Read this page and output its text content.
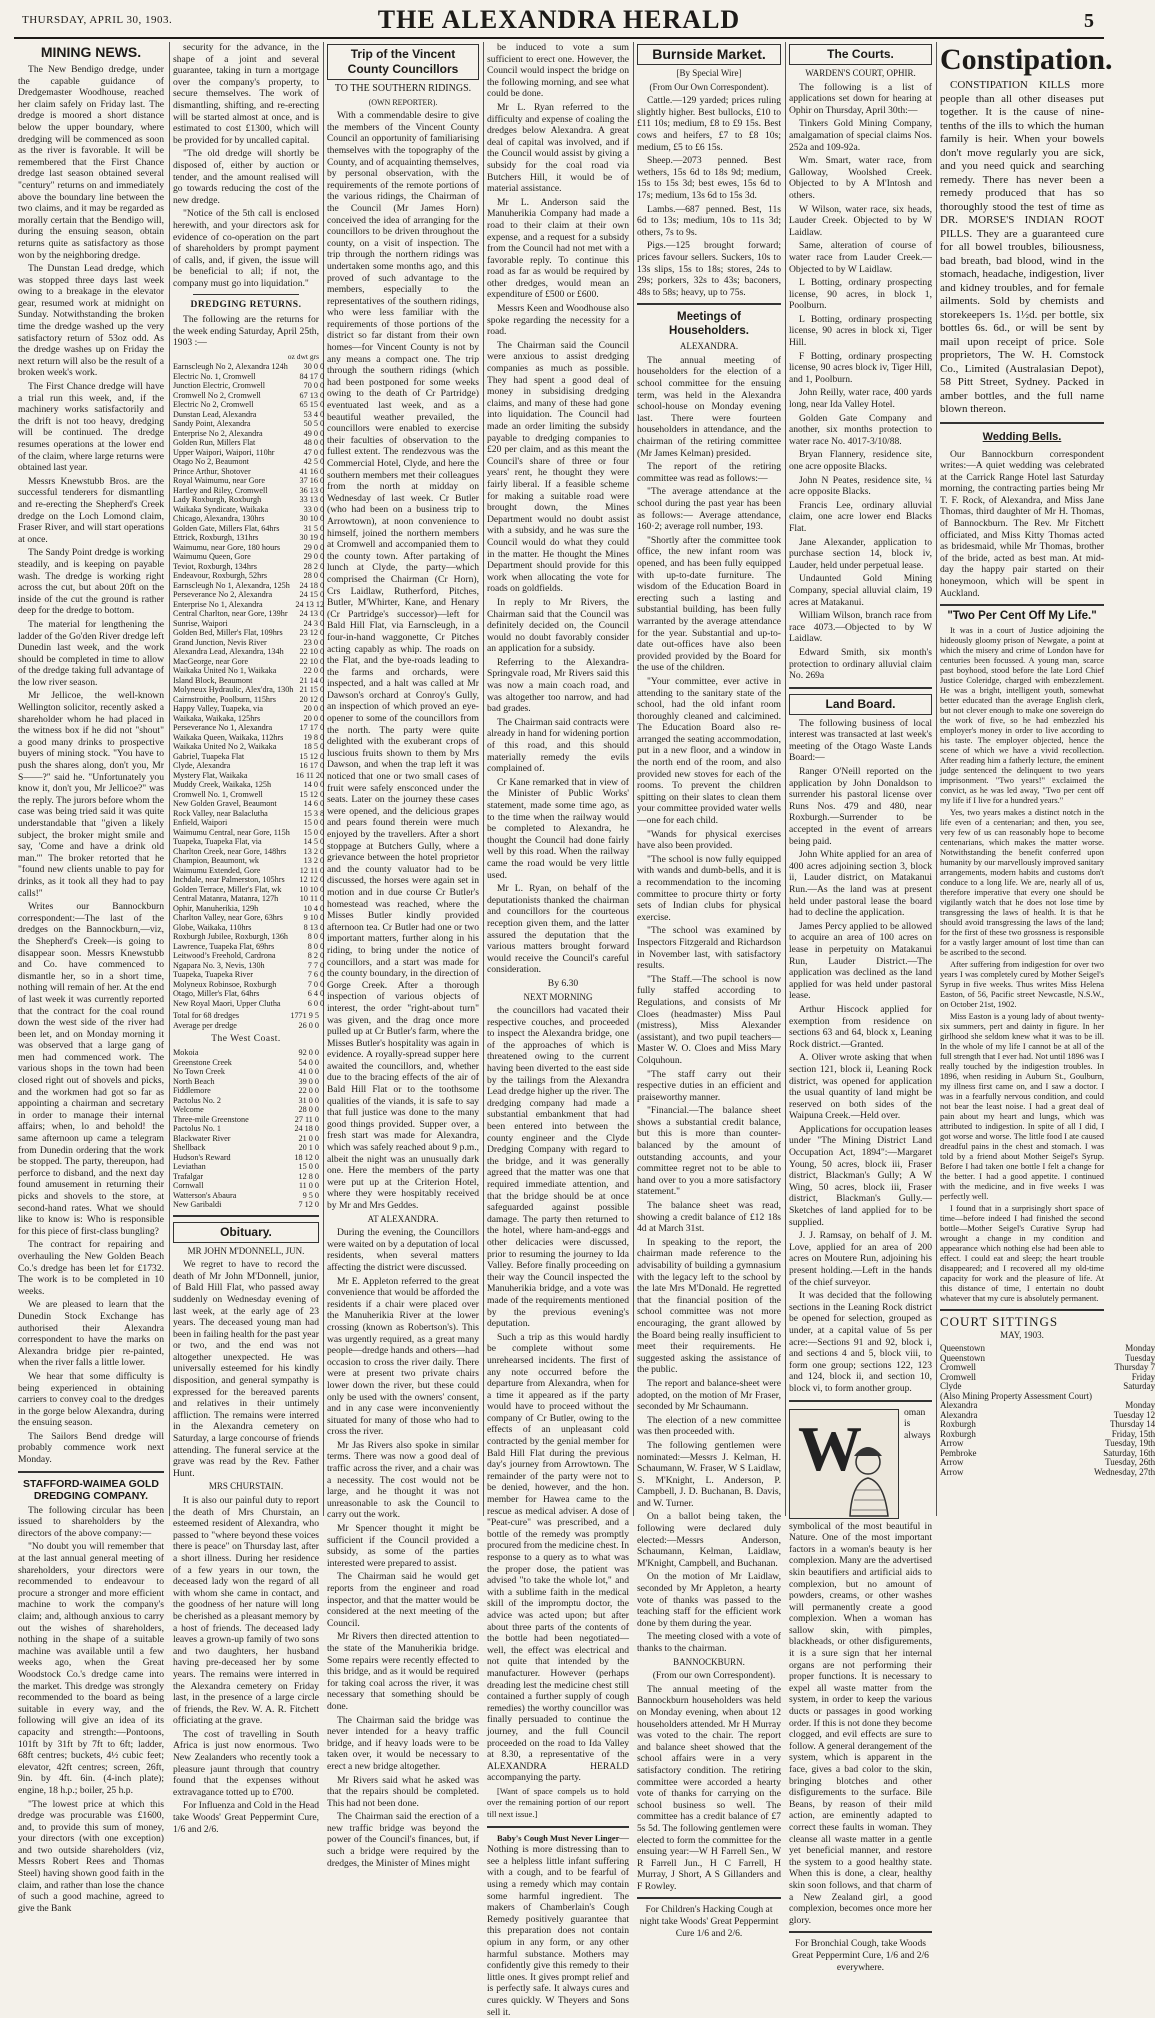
THURSDAY, APRIL 30, 1903.	THE ALEXANDRA HERALD	5
MINING NEWS.

The New Bendigo dredge, under the capable guidance of Dredgemaster Woodhouse, reached her claim safely on Friday last. The dredge is moored a short distance below the upper boundary, where dredging will be commenced as soon as the river is favorable. It will be remembered that the First Chance dredge last season obtained several "century" returns on and immediately above the boundary line between the two claims, and it may be regarded as morally certain that the Bendigo will, during the ensuing season, obtain returns quite as satisfactory as those won by the neighboring dredge.

The Dunstan Lead dredge, which was stopped three days last week owing to a breakage in the elevator gear, resumed work at midnight on Sunday. Notwithstanding the broken time the dredge washed up the very satisfactory return of 53oz odd. As the dredge washes up on Friday the next return will also be the result of a broken week's work.

The First Chance dredge will have a trial run this week, and, if the machinery works satisfactorily and the drift is not too heavy, dredging will be continued. The dredge resumes operations at the lower end of the claim, where large returns were obtained last year.

Messrs Knewstubb Bros. are the successful tenderers for dismantling and re-erecting the Shepherd's Creek dredge on the Loch Lomond claim, Fraser River, and will start operations at once.

The Sandy Point dredge is working steadily, and is keeping on payable wash. The dredge is working right across the cut, but about 20ft on the inside of the cut the ground is rather deep for the dredge to bottom.

The material for lengthening the ladder of the Go'den River dredge left Dunedin last week, and the work should be completed in time to allow of the dredge taking full advantage of the low river season.

Mr Jellicoe, the well-known Wellington solicitor, recently asked a shareholder whom he had placed in the witness box if he did not "shout" a good many drinks to prospective buyers of mining stock. "You have to push the shares along, don't you, Mr S——?" said he. "Unfortunately you know it, don't you, Mr Jellicoe?" was the reply. The jurors before whom the case was being tried said it was quite understandable that "given a likely subject, the broker might smile and say, 'Come and have a drink old man.'" The broker retorted that he "found new clients unable to pay for drinks, as it took all they had to pay calls!"

Writes our Bannockburn correspondent:—The last of the dredges on the Bannockburn,—viz, the Shepherd's Creek—is going to disappear soon. Messrs Knewstubb and Co. have commenced to dismantle her, so in a short time, nothing will remain of her. At the end of last week it was currently reported that the contract for the coal round down the west side of the river had been let, and on Monday morning it was observed that a large gang of men had commenced work. The various shops in the town had been closed right out of shovels and picks, and the workmen had got so far as appointing a chairman and secretary in order to manage their internal affairs; when, lo and behold! the same afternoon up came a telegram from Dunedin ordering that the work be stopped. The party, thereupon, had perforce to disband, and the next day found amusement in returning their picks and shovels to the store, at second-hand rates. What we should like to know is: Who is responsible for this piece of first-class bungling?

The contract for repairing and overhauling the New Golden Beach Co.'s dredge has been let for £1732. The work is to be completed in 10 weeks.

We are pleased to learn that the Dunedin Stock Exchange has authorised their Alexandra correspondent to have the marks on Alexandra bridge pier re-painted, when the river falls a little lower.

We hear that some difficulty is being experienced in obtaining carriers to convey coal to the dredges in the gorge below Alexandra, during the ensuing season.

The Sailors Bend dredge will probably commence work next Monday.

STAFFORD-WAIMEA GOLD DREDGING COMPANY.

The following circular has been issued to shareholders by the directors of the above company:—

"No doubt you will remember that at the last annual general meeting of shareholders, your directors were recommended to endeavour to procure a stronger and more efficient machine to work the company's claim; and, although anxious to carry out the wishes of shareholders, nothing in the shape of a suitable machine was available until a few weeks ago, when the Great Woodstock Co.'s dredge came into the market. This dredge was strongly recommended to the board as being suitable in every way, and the following will give an idea of its capacity and strength:—Pontoons, 101ft by 31ft by 7ft to 6ft; ladder, 68ft centres; buckets, 4½ cubic feet; elevator, 42ft centres; screen, 26ft, 9in. by 4ft. 6in. (4-inch plate); engine, 18 h.p.; boiler, 25 h.p.

"The lowest price at which this dredge was procurable was £1600, and, to provide this sum of money, your directors (with one exception) and two outside shareholders (viz, Messrs Robert Rees and Thomas Steel) having shown good faith in the claim, and rather than lose the chance of such a good machine, agreed to give the Bank

security for the advance, in the shape of a joint and several guarantee, taking in turn a mortgage over the company's property, to secure themselves. The work of dismantling, shifting, and re-erecting will be started almost at once, and is estimated to cost £1300, which will be provided for by uncalled capital.

"The old dredge will shortly be disposed of, either by auction or tender, and the amount realised will go towards reducing the cost of the new dredge.

"Notice of the 5th call is enclosed herewith, and your directors ask for evidence of co-operation on the part of shareholders by prompt payment of calls, and, if given, the issue will be beneficial to all; if not, the company must go into liquidation."

DREDGING RETURNS.

The following are the returns for the week ending Saturday, April 25th, 1903 :—

oz dwt grs
Earnscleugh No 2, Alexandra 124h	30 0 0
Electric No. 1, Cromwell	84 17 0
Junction Electric, Cromwell	70 0 0
Cromwell No 2, Cromwell	67 13 0
Electric No 2, Cromwell	65 15 0
Dunstan Lead, Alexandra	53 4 0
Sandy Point, Alexandra	50 5 0
Enterprise No 2, Alexandra	49 0 0
Golden Run, Millers Flat	48 0 0
Upper Waipori, Waipori, 110hr	47 0 0
Otago No 2, Beaumont	42 5 0
Prince Arthur, Shotover	41 16 0
Royal Waimumu, near Gore	37 16 0
Hartley and Riley, Cromwell	36 13 0
Lady Roxburgh, Roxburgh	33 13 0
Waikaka Syndicate, Waikaka	33 0 0
Chicago, Alexandra, 130hrs	30 10 0
Golden Gate, Millers Flat, 64hrs	31 5 0
Ettrick, Roxburgh, 131hrs	30 19 0
Waimumu, near Gore, 180 hours	29 0 0
Waimumu Queen, Gore	29 0 0
Teviot, Roxburgh, 134hrs	28 2 0
Endeavour, Roxburgh, 52hrs	28 0 0
Earnscleugh No 1, Alexandra, 125h	24 18 0
Perseverance No 2, Alexandra	24 15 0
Enterprise No 1, Alexandra	24 13 12
Central Charlton, near Gore, 139hr	24 13 0
Sunrise, Waipori	24 3 0
Golden Bed, Miller's Flat, 109hrs	23 12 0
Grand Junction, Nevis River	23 0 0
Alexandra Lead, Alexandra, 134h	22 10 0
MacGeorge, near Gore	22 10 0
Waikaka United No 1, Waikaka	22 0 0
Island Block, Beaumont	21 14 0
Molyneux Hydraulic, Alex'dra, 130h	21 15 0
Cairnstroithe, Poolburn, 115hrs	20 12 0
Happy Valley, Tuapeka, via	20 0 0
Waikaka, Waikaka, 125hrs	20 0 0
Perseverance No 1, Alexandra	17 17 0
Waikaka Queen, Waikaka, 112hrs	19 8 0
Waikaka United No 2, Waikaka	18 5 0
Gabriel, Tuapeka Flat	15 12 0
Clyde, Alexandra	16 17 0
Mystery Flat, Waikaka	16 11 20
Muddy Creek, Waikaka, 125h	14 0 0
Cromwell No. 1, Cromwell	15 12 0
New Golden Gravel, Beaumont	14 6 0
Rock Valley, near Balaclutha	15 3 8
Enfield, Waipori	15 0 0
Waimumu Central, near Gore, 115h	15 0 0
Tuapeka, Tuapeka Flat, via	14 5 0
Charlton Creek, near Gore, 148hrs	13 2 0
Champion, Beaumont, wk	13 2 0
Waimumu Extended, Gore	12 11 0
Inchdale, near Palmerston, 105hrs	12 12 0
Golden Terrace, Miller's Flat, wk	10 10 0
Central Matanra, Matanra, 127h	10 11 0
Ophir, Manuherikia, 129h	10 4 0
Charlton Valley, near Gore, 63hrs	9 10 0
Globe, Waikaka, 110hrs	8 13 0
Roxburgh Jubilee, Roxburgh, 136h	8 0 0
Lawrence, Tuapeka Flat, 69hrs	8 0 0
Leitwood’s Freehold, Cardrona	8 2 0
Ngapara No. 3, Nevis, 130h	7 7 0
Tuapeka, Tuapeka River	7 6 0
Molyneux Robinsoe, Roxburgh	7 0 0
Otago, Miller's Flat, 64hrs	6 4 0
New Royal Maori, Upper Clutha	6 0 0
Total for 68 dredges	1771 9 5
Average per dredge	26 0 0
The West Coast.
Mokoia	92 0 0
Greenstone Creek	54 0 0
No Town Creek	41 0 0
North Beach	39 0 0
Fiddlemore	22 0 0
Pactolus No. 2	31 0 0
Welcome	28 0 0
Three-mile Greenstone	27 11 0
Pactolus No. 1	24 18 0
Blackwater River	21 0 0
Shellback	20 1 0
Hudson's Reward	18 12 0
Leviathan	15 0 0
Trafalgar	12 8 0
Cornwall	11 0 0
Watterson's Abaura	9 5 0
New Garibaldi	7 12 0
Obituary.
MR JOHN M'DONNELL, JUN.

We regret to have to record the death of Mr John M'Donnell, junior, of Bald Hill Flat, who passed away suddenly on Wednesday evening of last week, at the early age of 23 years. The deceased young man had been in failing health for the past year or two, and the end was not altogether unexpected. He was universally esteemed for his kindly disposition, and general sympathy is expressed for the bereaved parents and relatives in their untimely affliction. The remains were interred in the Alexandra cemetery on Saturday, a large concourse of friends attending. The funeral service at the grave was read by the Rev. Father Hunt.

MRS CHURSTAIN.

It is also our painful duty to report the death of Mrs Churstain, an esteemed resident of Alexandra, who passed to "where beyond these voices there is peace" on Thursday last, after a short illness. During her residence of a few years in our town, the deceased lady won the regard of all with whom she came in contact, and the goodness of her nature will long be cherished as a pleasant memory by a host of friends. The deceased lady leaves a grown-up family of two sons and two daughters, her husband having pre-deceased her by some years. The remains were interred in the Alexandra cemetery on Friday last, in the presence of a large circle of friends, the Rev. W. A. R. Fitchett officiating at the grave.

The cost of travelling in South Africa is just now enormous. Two New Zealanders who recently took a pleasure jaunt through that country found that the expenses without extravagance totted up to £700.

For Influenza and Cold in the Head take Woods' Great Peppermint Cure, 1/6 and 2/6.

Trip of the Vincent County Councillors
TO THE SOUTHERN RIDINGS.
(OWN REPORTER).

With a commendable desire to give the members of the Vincent County Council an opportunity of familiarising themselves with the topography of the County, and of acquainting themselves, by personal observation, with the requirements of the remote portions of the various ridings, the Chairman of the Council (Mr James Horn) conceived the idea of arranging for the councillors to be driven throughout the county, on a visit of inspection. The trip through the northern ridings was undertaken some months ago, and this proved of such advantage to the members, especially to the representatives of the southern ridings, who were less familiar with the requirements of those portions of the district so far distant from their own homes—for Vincent County is not by any means a compact one. The trip through the southern ridings (which had been postponed for some weeks owing to the death of Cr Partridge) eventuated last week, and as a beautiful weather prevailed, the councillors were enabled to exercise their faculties of observation to the fullest extent. The rendezvous was the Commercial Hotel, Clyde, and here the southern members met their colleagues from the north at midday on Wednesday of last week. Cr Butler (who had been on a business trip to Arrowtown), at noon convenience to himself, joined the northern members at Cromwell and accompanied them to the county town. After partaking of lunch at Clyde, the party—which comprised the Chairman (Cr Horn), Crs Laidlaw, Rutherford, Pitches, Butler, M'Whirter, Kane, and Henary (Cr Partridge's successor)—left for Bald Hill Flat, via Earnscleugh, in a four-in-hand waggonette, Cr Pitches acting capably as whip. The roads on the Flat, and the bye-roads leading to the farms and orchards, were inspected, and a halt was called at Mr Dawson's orchard at Conroy's Gully, an inspection of which proved an eye-opener to some of the councillors from the north. The party were quite delighted with the exuberant crops of luscious fruits shown to them by Mrs Dawson, and when the trap left it was noticed that one or two small cases of fruit were safely ensconced under the seats. Later on the journey these cases were opened, and the delicious grapes and pears found therein were much enjoyed by the travellers. After a short stoppage at Butchers Gully, where a grievance between the hotel proprietor and the county valuator had to be discussed, the horses were again set in motion and in due course Cr Butler's homestead was reached, where the Misses Butler kindly provided afternoon tea. Cr Butler had one or two important matters, further along in his riding, to bring under the notice of councillors, and a start was made for the county boundary, in the direction of Gorge Creek. After a thorough inspection of various objects of interest, the order "right-about turn" was given, and the drag once more pulled up at Cr Butler's farm, where the Misses Butler's hospitality was again in evidence. A royally-spread supper here awaited the councillors, and, whether due to the bracing effects of the air of Bald Hill Flat or to the toothsome qualities of the viands, it is safe to say that full justice was done to the many good things provided. Supper over, a fresh start was made for Alexandra, which was safely reached about 9 p.m., albeit the night was an unusually dark one. Here the members of the party were put up at the Criterion Hotel, where they were hospitably received by Mr and Mrs Geddes.

AT ALEXANDRA.

During the evening, the Councillors were waited on by a deputation of local residents, when several matters affecting the district were discussed.

Mr E. Appleton referred to the great convenience that would be afforded the residents if a chair were placed over the Manuherikia River at the lower crossing (known as Robertson's). This was urgently required, as a great many people—dredge hands and others—had occasion to cross the river daily. There were at present two private chairs lower down the river, but these could only be used with the owners' consent, and in any case were inconveniently situated for many of those who had to cross the river.

Mr Jas Rivers also spoke in similar terms. There was now a good deal of traffic across the river, and a chair was a necessity. The cost would not be large, and he thought it was not unreasonable to ask the Council to carry out the work.

Mr Spencer thought it might be sufficient if the Council provided a subsidy, as some of the parties interested were prepared to assist.

The Chairman said he would get reports from the engineer and road inspector, and that the matter would be considered at the next meeting of the Council.

Mr Rivers then directed attention to the state of the Manuherikia bridge. Some repairs were recently effected to this bridge, and as it would be required for taking coal across the river, it was necessary that something should be done.

The Chairman said the bridge was never intended for a heavy traffic bridge, and if heavy loads were to be taken over, it would be necessary to erect a new bridge altogether.

Mr Rivers said what he asked was that the repairs should be completed. This had not been done.

The Chairman said the erection of a new traffic bridge was beyond the power of the Council's finances, but, if such a bridge were required by the dredges, the Minister of Mines might

be induced to vote a sum sufficient to erect one. However, the Council would inspect the bridge on the following morning, and see what could be done.

Mr L. Ryan referred to the difficulty and expense of coaling the dredges below Alexandra. A great deal of capital was involved, and if the Council would assist by giving a subsidy for the coal road via Butchers Hill, it would be of material assistance.

Mr L. Anderson said the Manuherikia Company had made a road to their claim at their own expense, and a request for a subsidy from the Council had not met with a favorable reply. To continue this road as far as would be required by other dredges, would mean an expenditure of £500 or £600.

Messrs Keen and Woodhouse also spoke regarding the necessity for a road.

The Chairman said the Council were anxious to assist dredging companies as much as possible. They had spent a good deal of money in subsidising dredging claims, and many of these had gone into liquidation. The Council had made an order limiting the subsidy payable to dredging companies to £20 per claim, and as this meant the Council's share of three or four years' rent, he thought they were fairly liberal. If a feasible scheme for making a suitable road were brought down, the Mines Department would no doubt assist with a subsidy, and he was sure the Council would do what they could in the matter. He thought the Mines Department should provide for this work when allocating the vote for roads on goldfields.

In reply to Mr Rivers, the Chairman said that the Council was definitely decided on, the Council would no doubt favorably consider an application for a subsidy.

Referring to the Alexandra-Springvale road, Mr Rivers said this was now a main coach road, and was altogether too narrow, and had bad grades.

The Chairman said contracts were already in hand for widening portion of this road, and this should materially remedy the evils complained of.

Cr Kane remarked that in view of the Minister of Public Works' statement, made some time ago, as to the time when the railway would be completed to Alexandra, he thought the Council had done fairly well by this road. When the railway came the road would be very little used.

Mr L. Ryan, on behalf of the deputationists thanked the chairman and councillors for the courteous reception given them, and the latter assured the deputation that the various matters brought forward would receive the Council's careful consideration.

By 6.30

NEXT MORNING

the councillors had vacated their respective couches, and proceeded to inspect the Alexandra bridge, one of the approaches of which is threatened owing to the current having been diverted to the east side by the tailings from the Alexandra Lead dredge higher up the river. The dredging company had made a substantial embankment that had been entered into between the county engineer and the Clyde Dredging Company with regard to the bridge, and it was generally agreed that the matter was one that required immediate attention, and that the bridge should be at once safeguarded against possible damage. The party then returned to the hotel, where ham-and-eggs and other delicacies were discussed, prior to resuming the journey to Ida Valley. Before finally proceeding on their way the Council inspected the Manuherikia bridge, and a vote was made of the requirements mentioned by the previous evening's deputation.

Such a trip as this would hardly be complete without some unrehearsed incidents. The first of any note occurred before the departure from Alexandra, when for a time it appeared as if the party would have to proceed without the company of Cr Butler, owing to the effects of an unpleasant cold contracted by the genial member for Bald Hill Flat during the previous day's journey from Arrowtown. The remainder of the party were not to be denied, however, and the hon. member for Hawea came to the rescue as medical adviser. A dose of "Peat-cure" was prescribed, and a bottle of the remedy was promptly procured from the medicine chest. In response to a query as to what was the proper dose, the patient was advised "to take the whole lot," and with a sublime faith in the medical skill of the impromptu doctor, the advice was acted upon; but after about three parts of the contents of the bottle had been negotiated—well, the effect was electrical and not quite that intended by the manufacturer. However (perhaps dreading lest the medicine chest still contained a further supply of cough remedies) the worthy councillor was finally persuaded to continue the journey, and the full Council proceeded on the road to Ida Valley at 8.30, a representative of the ALEXANDRA HERALD accompanying the party.

[Want of space compels us to hold over the remaining portion of our report till next issue.]

Baby's Cough Must Never Linger—Nothing is more distressing than to see a helpless little infant suffering with a cough, and to be fearful of using a remedy which may contain some harmful ingredient. The makers of Chamberlain's Cough Remedy positively guarantee that this preparation does not contain opium in any form, or any other harmful substance. Mothers may confidently give this remedy to their little ones. It gives prompt relief and is perfectly safe. It always cures and cures quickly. W Theyers and Sons sell it.

Burnside Market.
[By Special Wire]
(From Our Own Correspondent).

Cattle.—129 yarded; prices ruling slightly higher. Best bullocks, £10 to £11 10s; medium, £8 to £9 15s. Best cows and heifers, £7 to £8 10s; medium, £5 to £6 15s.

Sheep.—2073 penned. Best wethers, 15s 6d to 18s 9d; medium, 15s to 15s 3d; best ewes, 15s 6d to 17s; medium, 13s 6d to 15s 3d.

Lambs.—687 penned. Best, 11s 6d to 13s; medium, 10s to 11s 3d; others, 7s to 9s.

Pigs.—125 brought forward; prices favour sellers. Suckers, 10s to 13s slips, 15s to 18s; stores, 24s to 29s; porkers, 32s to 43s; baconers, 48s to 58s; heavy, up to 75s.

Meetings of Householders.
ALEXANDRA.

The annual meeting of householders for the election of a school committee for the ensuing term, was held in the Alexandra school-house on Monday evening last. There were fourteen householders in attendance, and the chairman of the retiring committee (Mr James Kelman) presided.

The report of the retiring committee was read as follows:—

"The average attendance at the school during the past year has been as follows:— Average attendance, 160·2; average roll number, 193.

"Shortly after the committee took office, the new infant room was opened, and has been fully equipped with up-to-date furniture. The wisdom of the Education Board in erecting such a lasting and substantial building, has been fully warranted by the average attendance for the year. Substantial and up-to-date out-offices have also been provided provided by the Board for the use of the children.

"Your committee, ever active in attending to the sanitary state of the school, had the old infant room thoroughly cleaned and calcimined. The Education Board also re-arranged the seating accommodation, put in a new floor, and a window in the north end of the room, and also provided new stoves for each of the rooms. To prevent the children spitting on their slates to clean them your committee provided water wells—one for each child.

"Wands for physical exercises have also been provided.

"The school is now fully equipped with wands and dumb-bells, and it is a recommendation to the incoming committee to procure thirty or forty sets of Indian clubs for physical exercise.

"The school was examined by Inspectors Fitzgerald and Richardson in November last, with satisfactory results.

"The Staff.—The school is now fully staffed according to Regulations, and consists of Mr Cloes (headmaster) Miss Paul (mistress), Miss Alexander (assistant), and two pupil teachers—Master W. O. Cloes and Miss Mary Colquhoun.

"The staff carry out their respective duties in an efficient and praiseworthy manner.

"Financial.—The balance sheet shows a substantial credit balance, but this is more than counter-balanced by the amount of outstanding accounts, and your committee regret not to be able to hand over to you a more satisfactory statement."

The balance sheet was read, showing a credit balance of £12 18s 4d at March 31st.

In speaking to the report, the chairman made reference to the advisability of building a gymnasium with the legacy left to the school by the late Mrs M'Donald. He regretted that the financial position of the school committee was not more encouraging, the grant allowed by the Board being really insufficient to meet their requirements. He suggested asking the assistance of the public.

The report and balance-sheet were adopted, on the motion of Mr Fraser, seconded by Mr Schaumann.

The election of a new committee was then proceeded with.

The following gentlemen were nominated:—Messrs J. Kelman, H. Schaumann, W. Fraser, W S Laidlaw, S. M'Knight, L. Anderson, P. Campbell, J. D. Buchanan, B. Davis, and W. Turner.

On a ballot being taken, the following were declared duly elected:—Messrs Anderson, Schaumann, Kelman, Laidlaw, M'Knight, Campbell, and Buchanan.

On the motion of Mr Laidlaw, seconded by Mr Appleton, a hearty vote of thanks was passed to the teaching staff for the efficient work done by them during the year.

The meeting closed with a vote of thanks to the chairman.

BANNOCKBURN.

(From our own Correspondent).

The annual meeting of the Bannockburn householders was held on Monday evening, when about 12 householders attended. Mr H Murray was voted to the chair. The report and balance sheet showed that the school affairs were in a very satisfactory condition. The retiring committee were accorded a hearty vote of thanks for carrying on the school business so well. The committee has a credit balance of £7 5s 5d. The following gentlemen were elected to form the committee for the ensuing year:—W H Farrell Sen., W R Farrell Jun., H C Farrell, H Murray, J Short, A S Gillanders and F Rowley.

For Children's Hacking Cough at night take Woods' Great Peppermint Cure 1/6 and 2/6.

The Courts.
WARDEN'S COURT, OPHIR.

The following is a list of applications set down for hearing at Ophir on Thursday, April 30th:—

Tinkers Gold Mining Company, amalgamation of special claims Nos. 252a and 109-92a.

Wm. Smart, water race, from Galloway, Woolshed Creek. Objected to by A M'Intosh and others.

W Wilson, water race, six heads, Lauder Creek. Objected to by W Laidlaw.

Same, alteration of course of water race from Lauder Creek.—Objected to by W Laidlaw.

L Botting, ordinary prospecting license, 90 acres, in block 1, Poolburn.

L Botting, ordinary prospecting license, 90 acres in block xi, Tiger Hill.

F Botting, ordinary prospecting license, 90 acres block iv, Tiger Hill, and 1, Poolburn.

John Reilly, water race, 400 yards long, near Ida Valley Hotel.

Golden Gate Company and another, six months protection to water race No. 4017-3/10/88.

Bryan Flannery, residence site, one acre opposite Blacks.

John N Peates, residence site, ¼ acre opposite Blacks.

Francis Lee, ordinary alluvial claim, one acre lower end Blacks Flat.

Jane Alexander, application to purchase section 14, block iv, Lauder, held under perpetual lease.

Undaunted Gold Mining Company, special alluvial claim, 19 acres at Matakanui.

William Wilson, branch race from race 4073.—Objected to by W Laidlaw.

Edward Smith, six month's protection to ordinary alluvial claim No. 269a

Land Board.

The following business of local interest was transacted at last week's meeting of the Otago Waste Lands Board:—

Ranger O'Neill reported on the application by John Donaldson to surrender his pastoral license over Runs Nos. 479 and 480, near Roxburgh.—Surrender to be accepted in the event of arrears being paid.

John White applied for an area of 400 acres adjoining section 3, block ii, Lauder district, on Matakanui Run.—As the land was at present held under pastoral lease the board had to decline the application.

James Percy applied to be allowed to acquire an area of 100 acres on lease in perpetuity on Matakanui Run, Lauder District.—The application was declined as the land applied for was held under pastoral lease.

Arthur Hiscock applied for exemption from residence on sections 63 and 64, block x, Leaning Rock district.—Granted.

A. Oliver wrote asking that when section 121, block ii, Leaning Rock district, was opened for application the usual quantity of land might be reserved on both sides of the Waipuna Creek.—Held over.

Applications for occupation leases under "The Mining District Land Occupation Act, 1894":—Margaret Young, 50 acres, block iii, Fraser district, Blackman's Gully; A W Wing, 50 acres, block iii, Fraser district, Blackman's Gully.—Sketches of land applied for to be supplied.

J. J. Ramsay, on behalf of J. M. Love, applied for an area of 200 acres on Moutere Run, adjoining his present holding.—Left in the hands of the chief surveyor.

It was decided that the following sections in the Leaning Rock district be opened for selection, grouped as under, at a capital value of 5s per acre:—Sections 91 and 92, block i, and sections 4 and 5, block viii, to form one group; sections 122, 123 and 124, block ii, and section 10, block vi, to form another group.

W

oman is always symbolical of the most beautiful in Nature. One of the most important factors in a woman's beauty is her complexion. Many are the advertised skin beautifiers and artificial aids to complexion, but no amount of powders, creams, or other washes will permanently create a good complexion. When a woman has sallow skin, with pimples, blackheads, or other disfigurements, it is a sure sign that her internal organs are not performing their proper functions. It is necessary to expel all waste matter from the system, in order to keep the various ducts or passages in good working order. If this is not done they become clogged, and evil effects are sure to follow. A general derangement of the system, which is apparent in the face, gives a bad color to the skin, bringing blotches and other disfigurements to the surface. Bile Beans, by reason of their mild action, are eminently adapted to correct these faults in woman. They cleanse all waste matter in a gentle yet beneficial manner, and restore the system to a good healthy state. When this is done, a clear, healthy skin soon follows, and that charm of a New Zealand girl, a good complexion, becomes once more her glory.

For Bronchial Cough, take Woods Great Peppermint Cure, 1/6 and 2/6 everywhere.

Constipation.

CONSTIPATION KILLS more people than all other diseases put together. It is the cause of nine-tenths of the ills to which the human family is heir. When your bowels don't move regularly you are sick, and you need quick and searching remedy. There has never been a remedy produced that has so thoroughly stood the test of time as DR. MORSE'S INDIAN ROOT PILLS. They are a guaranteed cure for all bowel troubles, biliousness, bad breath, bad blood, wind in the stomach, headache, indigestion, liver and kidney troubles, and for female ailments. Sold by chemists and storekeepers 1s. 1½d. per bottle, six bottles 6s. 6d., or will be sent by mail upon receipt of price. Sole proprietors, The W. H. Comstock Co., Limited (Australasian Depot), 58 Pitt Street, Sydney. Packed in amber bottles, and the full name blown thereon.

Wedding Bells.

Our Bannockburn correspondent writes:—A quiet wedding was celebrated at the Carrick Range Hotel last Saturday morning, the contracting parties being Mr T. F. Rock, of Alexandra, and Miss Jane Thomas, third daughter of Mr H. Thomas, of Bannockburn. The Rev. Mr Fitchett officiated, and Miss Kitty Thomas acted as bridesmaid, while Mr Thomas, brother of the bride, acted as best man. At mid-day the happy pair started on their honeymoon, which will be spent in Auckland.

"Two Per Cent Off My Life."

It was in a court of Justice adjoining the hideously gloomy prison of Newgate, a point at which the misery and crime of London have for centuries been focussed. A young man, scarce past boyhood, stood before the late Lord Chief Justice Coleridge, charged with embezzlement. He was a bright, intelligent youth, somewhat better educated than the average English clerk, but not clever enough to make one sovereign do the work of five, so he had embezzled his employer's money in order to live according to his taste. The employer objected, hence the scene of which we have a vivid recollection. After reading him a fatherly lecture, the eminent judge sentenced the delinquent to two years imprisonment. "Two years!" exclaimed the convict, as he was led away, "Two per cent off my life if I live for a hundred years."

Yes, two years makes a distinct notch in the life even of a centenarian; and then, you see, very few of us can reasonably hope to become centenarians, which makes the matter worse. Notwithstanding the benefit conferred upon humanity by our marvellously improved sanitary arrangements, modern habits and customs don't conduce to a long life. We are, nearly all of us, therefore imperative that every one should be vigilantly watch that he does not lose time by transgressing the laws of health. It is that he should avoid transgressing the laws of the land; for the first of these two grossness is responsible for a vastly larger amount of lost time than can be ascribed to the second.

After suffering from indigestion for over two years I was completely cured by Mother Seigel's Syrup in five weeks. Thus writes Miss Helena Easton, of 56, Pacific street Newcastle, N.S.W., on October 21st, 1902.

Miss Easton is a young lady of about twenty-six summers, pert and dainty in figure. In her girlhood she seldom knew what it was to be ill. In the whole of my life I cannot be at all of the full strength that I ever had. Not until 1896 was I really touched by the indigestion troubles. In 1896, when residing in Auburn St., Goulburn, my illness first came on, and I saw a doctor. I was in a fearfully nervous condition, and could not bear the least noise. I had a great deal of pain about my heart and lungs, which was attributed to indigestion. In spite of all I did, I got worse and worse. The little food I ate caused dreadful pains in the chest and stomach. I was told by a friend about Mother Seigel's Syrup. Before I had taken one bottle I felt a change for the better. I had a good appetite. I continued with the medicine, and in five weeks I was perfectly well.

I found that in a surprisingly short space of time—before indeed I had finished the second bottle—Mother Seigel's Curative Syrup had wrought a change in my condition and appearance which nothing else had been able to effect. I could eat and sleep; the heart trouble disappeared; and I recovered all my old-time capacity for work and the pleasure of life. At this distance of time, I entertain no doubt whatever that my cure is absolutely permanent.

COURT SITTINGS
MAY, 1903.
Queenstown	Monday
Queenstown	Tuesday
Cromwell	Thursday 7
Cromwell	Friday
Clyde	Saturday
(Also Mining Property Assessment Court)	
Alexandra	Monday
Alexandra	Tuesday 12
Roxburgh	Thursday 14
Roxburgh	Friday, 15th
Arrow	Tuesday, 19th
Pembroke	Saturday, 16th
Arrow	Tuesday, 26th
Arrow	Wednesday, 27th
